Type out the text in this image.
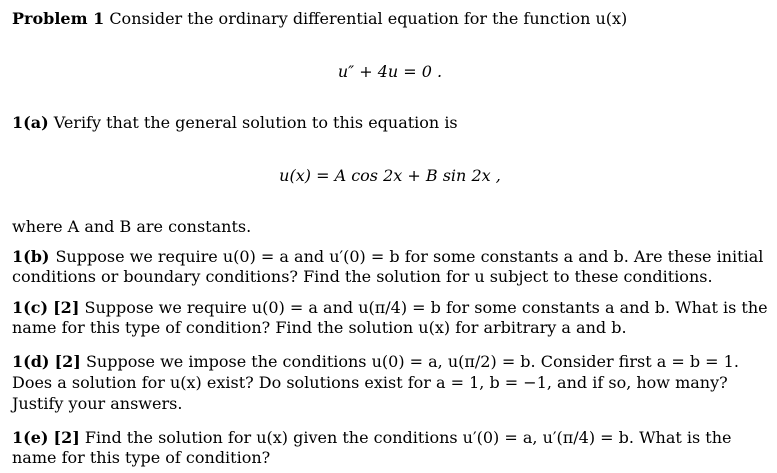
Problem 1 Consider the ordinary differential equation for the function u(x)
u″ + 4u = 0 .
1(a) Verify that the general solution to this equation is
u(x) = A cos 2x + B sin 2x ,
where A and B are constants.
1(b) Suppose we require u(0) = a and u′(0) = b for some constants a and b. Are these initial
conditions or boundary conditions? Find the solution for u subject to these conditions.
1(c) [2] Suppose we require u(0) = a and u(π/4) = b for some constants a and b. What is the
name for this type of condition? Find the solution u(x) for arbitrary a and b.
1(d) [2] Suppose we impose the conditions u(0) = a, u(π/2) = b. Consider first a = b = 1.
Does a solution for u(x) exist? Do solutions exist for a = 1, b = −1, and if so, how many?
Justify your answers.
1(e) [2] Find the solution for u(x) given the conditions u′(0) = a, u′(π/4) = b. What is the
name for this type of condition?
